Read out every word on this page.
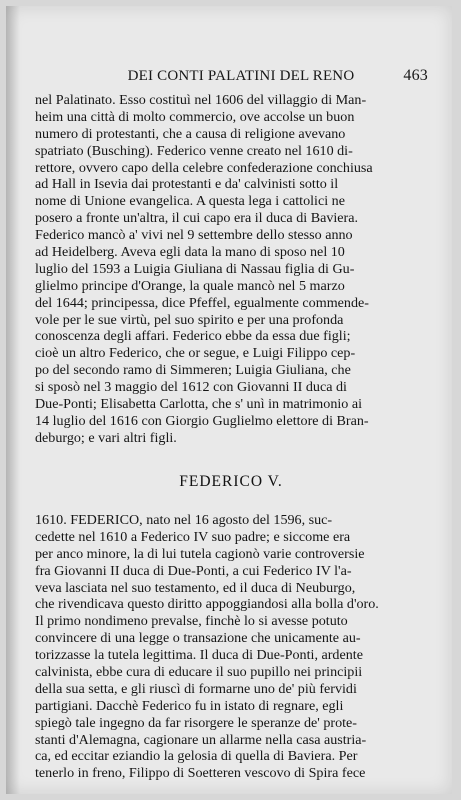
DEI CONTI PALATINI DEL RENO	463
nel Palatinato. Esso costituì nel 1606 del villaggio di Man-
heim una città di molto commercio, ove accolse un buon
numero di protestanti, che a causa di religione avevano
spatriato (Busching). Federico venne creato nel 1610 di-
rettore, ovvero capo della celebre confederazione conchiusa
ad Hall in Isevia dai protestanti e da' calvinisti sotto il
nome di Unione evangelica. A questa lega i cattolici ne
posero a fronte un'altra, il cui capo era il duca di Baviera.
Federico mancò a' vivi nel 9 settembre dello stesso anno
ad Heidelberg. Aveva egli data la mano di sposo nel 10
luglio del 1593 a Luigia Giuliana di Nassau figlia di Gu-
glielmo principe d'Orange, la quale mancò nel 5 marzo
del 1644; principessa, dice Pfeffel, egualmente commende-
vole per le sue virtù, pel suo spirito e per una profonda
conoscenza degli affari. Federico ebbe da essa due figli;
cioè un altro Federico, che or segue, e Luigi Filippo cep-
po del secondo ramo di Simmeren; Luigia Giuliana, che
si sposò nel 3 maggio del 1612 con Giovanni II duca di
Due-Ponti; Elisabetta Carlotta, che s' unì in matrimonio ai
14 luglio del 1616 con Giorgio Guglielmo elettore di Bran-
deburgo; e vari altri figli.
FEDERICO V.
1610. FEDERICO, nato nel 16 agosto del 1596, suc-
cedette nel 1610 a Federico IV suo padre; e siccome era
per anco minore, la di lui tutela cagionò varie controversie
fra Giovanni II duca di Due-Ponti, a cui Federico IV l'a-
veva lasciata nel suo testamento, ed il duca di Neuburgo,
che rivendicava questo diritto appoggiandosi alla bolla d'oro.
Il primo nondimeno prevalse, finchè lo si avesse potuto
convincere di una legge o transazione che unicamente au-
torizzasse la tutela legittima. Il duca di Due-Ponti, ardente
calvinista, ebbe cura di educare il suo pupillo nei principii
della sua setta, e gli riuscì di formarne uno de' più fervidi
partigiani. Dacchè Federico fu in istato di regnare, egli
spiegò tale ingegno da far risorgere le speranze de' prote-
stanti d'Alemagna, cagionare un allarme nella casa austria-
ca, ed eccitar eziandio la gelosia di quella di Baviera. Per
tenerlo in freno, Filippo di Soetteren vescovo di Spira fece
